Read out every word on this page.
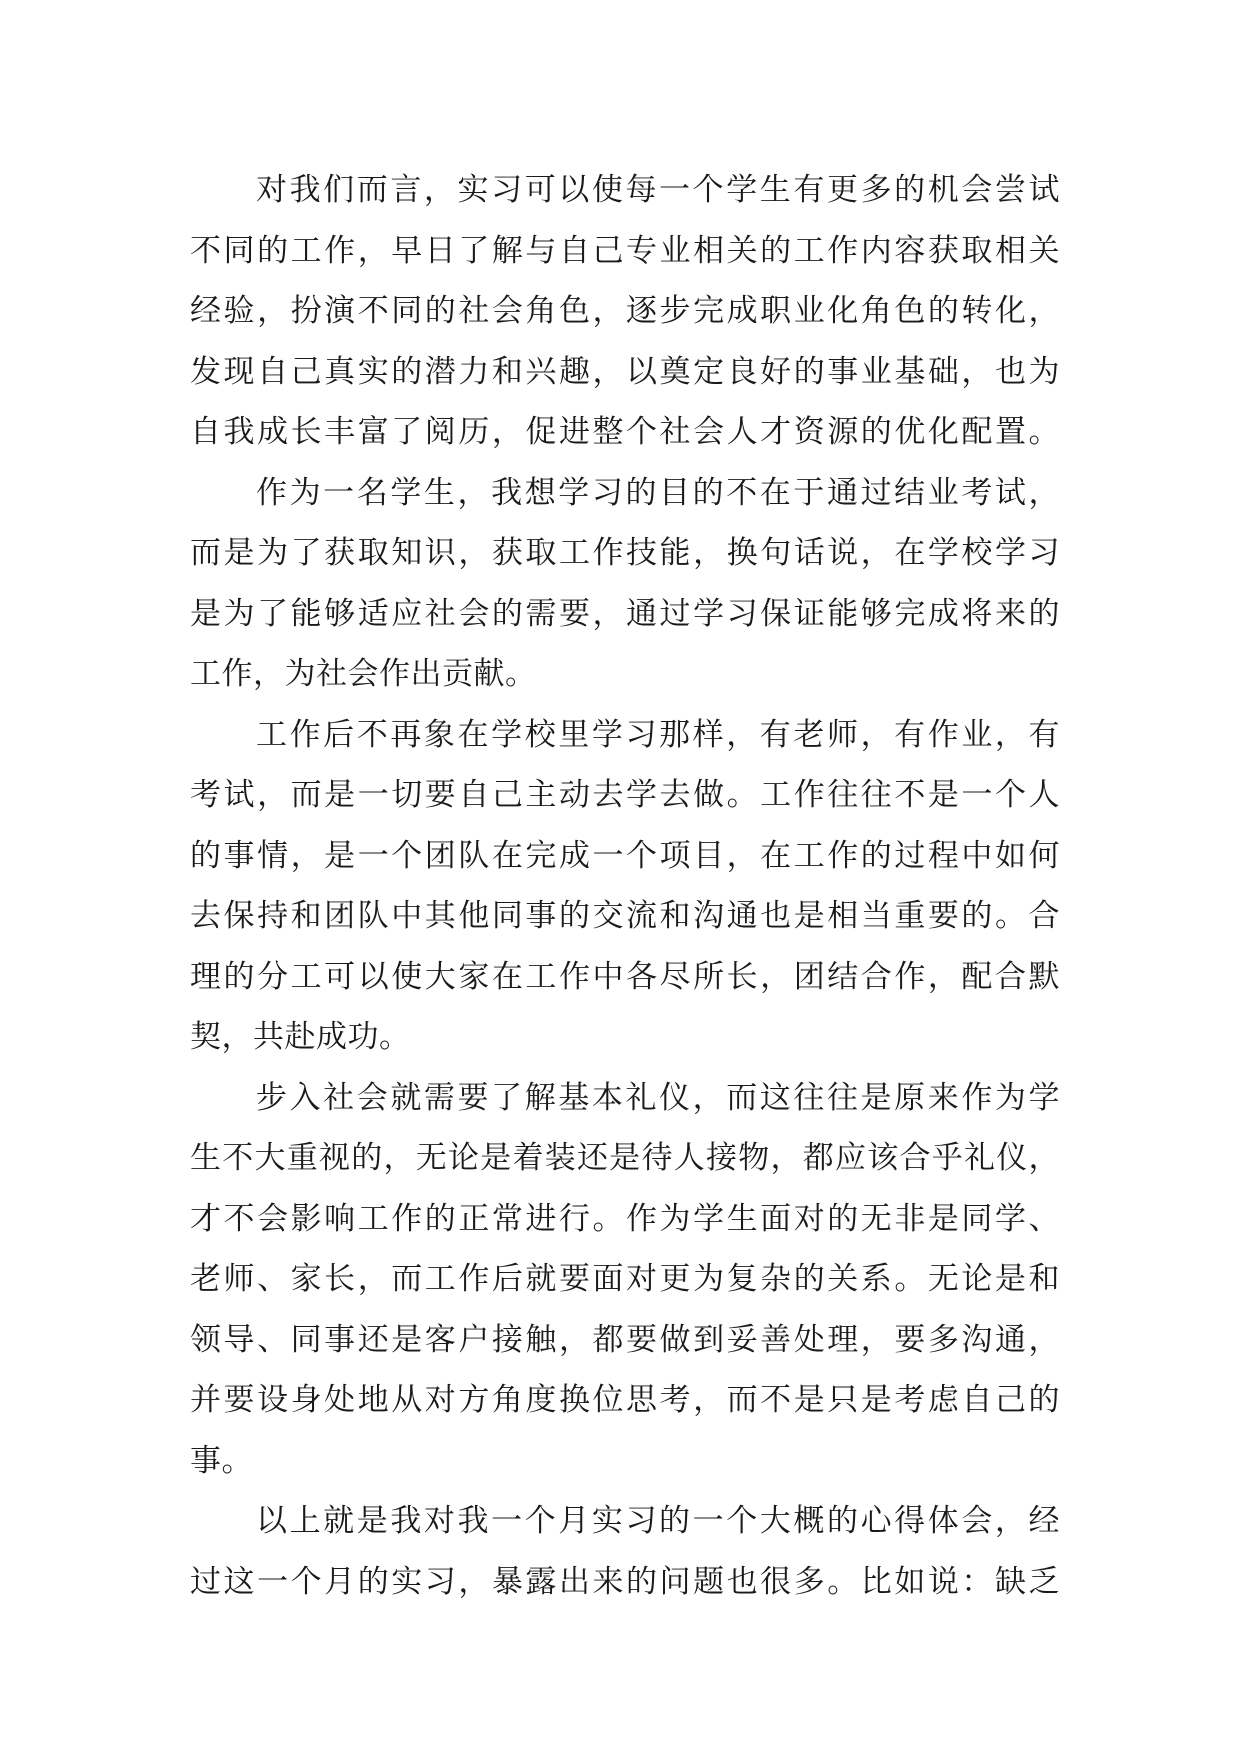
对我们而言，实习可以使每一个学生有更多的机会尝试
不同的工作，早日了解与自己专业相关的工作内容获取相关
经验，扮演不同的社会角色，逐步完成职业化角色的转化，
发现自己真实的潜力和兴趣，以奠定良好的事业基础，也为
自我成长丰富了阅历，促进整个社会人才资源的优化配置。
作为一名学生，我想学习的目的不在于通过结业考试，
而是为了获取知识，获取工作技能，换句话说，在学校学习
是为了能够适应社会的需要，通过学习保证能够完成将来的
工作，为社会作出贡献。
工作后不再象在学校里学习那样，有老师，有作业，有
考试，而是一切要自己主动去学去做。工作往往不是一个人
的事情，是一个团队在完成一个项目，在工作的过程中如何
去保持和团队中其他同事的交流和沟通也是相当重要的。合
理的分工可以使大家在工作中各尽所长，团结合作，配合默
契，共赴成功。
步入社会就需要了解基本礼仪，而这往往是原来作为学
生不大重视的，无论是着装还是待人接物，都应该合乎礼仪，
才不会影响工作的正常进行。作为学生面对的无非是同学、
老师、家长，而工作后就要面对更为复杂的关系。无论是和
领导、同事还是客户接触，都要做到妥善处理，要多沟通，
并要设身处地从对方角度换位思考，而不是只是考虑自己的
事。
以上就是我对我一个月实习的一个大概的心得体会，经
过这一个月的实习，暴露出来的问题也很多。比如说：缺乏
